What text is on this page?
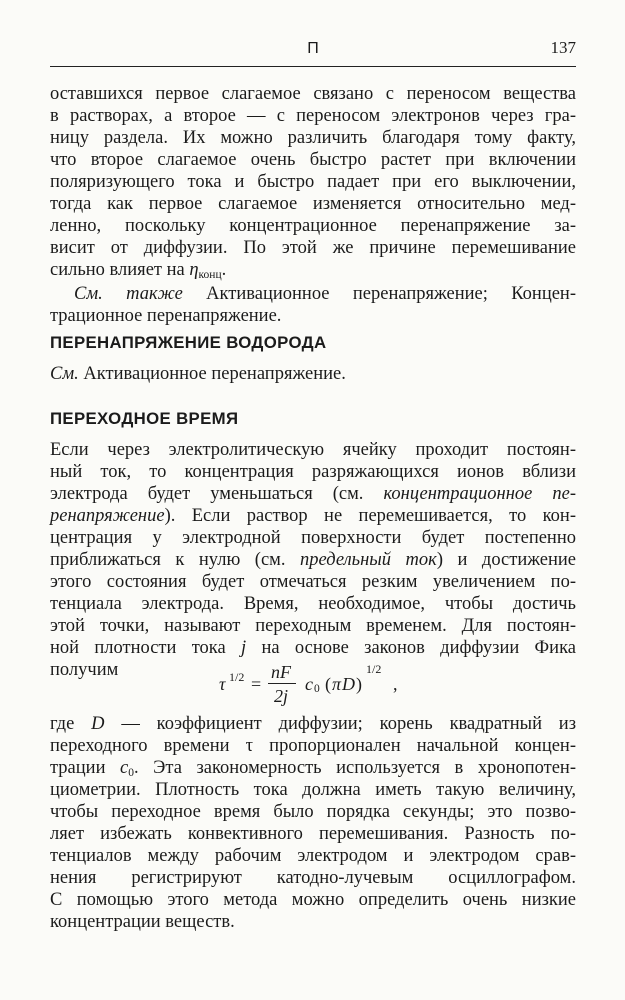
П	137
оставшихся первое слагаемое связано с переносом вещества
в растворах, а второе — с переносом электронов через гра-
ницу раздела. Их можно различить благодаря тому факту,
что второе слагаемое очень быстро растет при включении
поляризующего тока и быстро падает при его выключении,
тогда как первое слагаемое изменяется относительно мед-
ленно, поскольку концентрационное перенапряжение за-
висит от диффузии. По этой же причине перемешивание
сильно влияет на $\eta_{конц}$.
См. также Активационное перенапряжение; Концен-
трационное перенапряжение.
ПЕРЕНАПРЯЖЕНИЕ ВОДОРОДА
См. Активационное перенапряжение.
ПЕРЕХОДНОЕ ВРЕМЯ
Если через электролитическую ячейку проходит постоян-
ный ток, то концентрация разряжающихся ионов вблизи
электрода будет уменьшаться (см. концентрационное пе-
ренапряжение). Если раствор не перемешивается, то кон-
центрация у электродной поверхности будет постепенно
приближаться к нулю (см. предельный ток) и достижение
этого состояния будет отмечаться резким увеличением по-
тенциала электрода. Время, необходимое, чтобы достичь
этой точки, называют переходным временем. Для постоян-
ной плотности тока j на основе законов диффузии Фика
получим
τ 1/2 =
nF
2j
c 0 ( π D )
1/2
,
где D — коэффициент диффузии; корень квадратный из
переходного времени τ пропорционален начальной концен-
трации $c_0$. Эта закономерность используется в хронопотен-
циометрии. Плотность тока должна иметь такую величину,
чтобы переходное время было порядка секунды; это позво-
ляет избежать конвективного перемешивания. Разность по-
тенциалов между рабочим электродом и электродом срав-
нения регистрируют катодно-лучевым осциллографом.
С помощью этого метода можно определить очень низкие
концентрации веществ.
